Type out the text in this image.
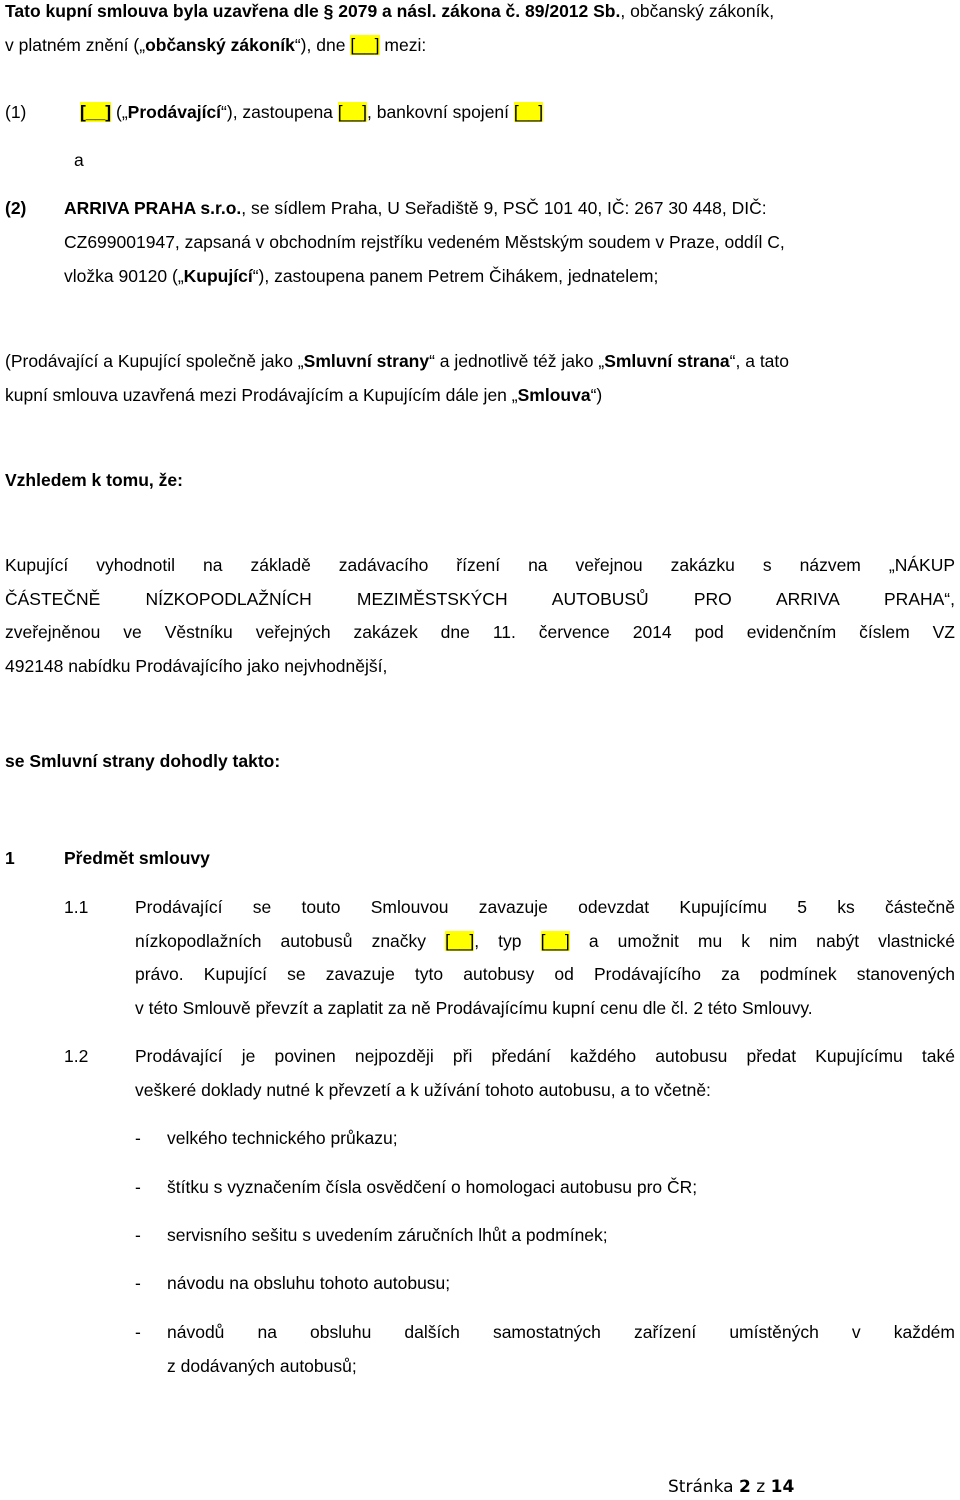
Tato kupní smlouva byla uzavřena dle § 2079 a násl. zákona č. 89/2012 Sb., občanský zákoník,
v platném znění („občanský zákoník“), dne [__] mezi:
(1)	[__] („Prodávající“), zastoupena [__], bankovní spojení [__]
a
(2) ARRIVA PRAHA s.r.o., se sídlem Praha, U Seřadiště 9, PSČ 101 40, IČ: 267 30 448, DIČ:
CZ699001947, zapsaná v obchodním rejstříku vedeném Městským soudem v Praze, oddíl C,
vložka 90120 („Kupující“), zastoupena panem Petrem Čihákem, jednatelem;
(Prodávající a Kupující společně jako „Smluvní strany“ a jednotlivě též jako „Smluvní strana“, a tato
kupní smlouva uzavřená mezi Prodávajícím a Kupujícím dále jen „Smlouva“)
Vzhledem k tomu, že:
Kupující vyhodnotil na základě zadávacího řízení na veřejnou zakázku s názvem „NÁKUP
ČÁSTEČNĚ NÍZKOPODLAŽNÍCH MEZIMĚSTSKÝCH AUTOBUSŮ PRO ARRIVA PRAHA“,
zveřejněnou ve Věstníku veřejných zakázek dne 11. července 2014 pod evidenčním číslem VZ
492148 nabídku Prodávajícího jako nejvhodnější,
se Smluvní strany dohodly takto:
1	Předmět smlouvy
1.1	Prodávající se touto Smlouvou zavazuje odevzdat Kupujícímu 5 ks částečně
nízkopodlažních autobusů značky [__], typ [__] a umožnit mu k nim nabýt vlastnické
právo. Kupující se zavazuje tyto autobusy od Prodávajícího za podmínek stanovených
v této Smlouvě převzít a zaplatit za ně Prodávajícímu kupní cenu dle čl. 2 této Smlouvy.
1.2	Prodávající je povinen nejpozději při předání každého autobusu předat Kupujícímu také
veškeré doklady nutné k převzetí a k užívání tohoto autobusu, a to včetně:
- velkého technického průkazu;
- štítku s vyznačením čísla osvědčení o homologaci autobusu pro ČR;
- servisního sešitu s uvedením záručních lhůt a podmínek;
- návodu na obsluhu tohoto autobusu;
- návodů na obsluhu dalších samostatných zařízení umístěných v každém
z dodávaných autobusů;
Stránka 2 z 14
